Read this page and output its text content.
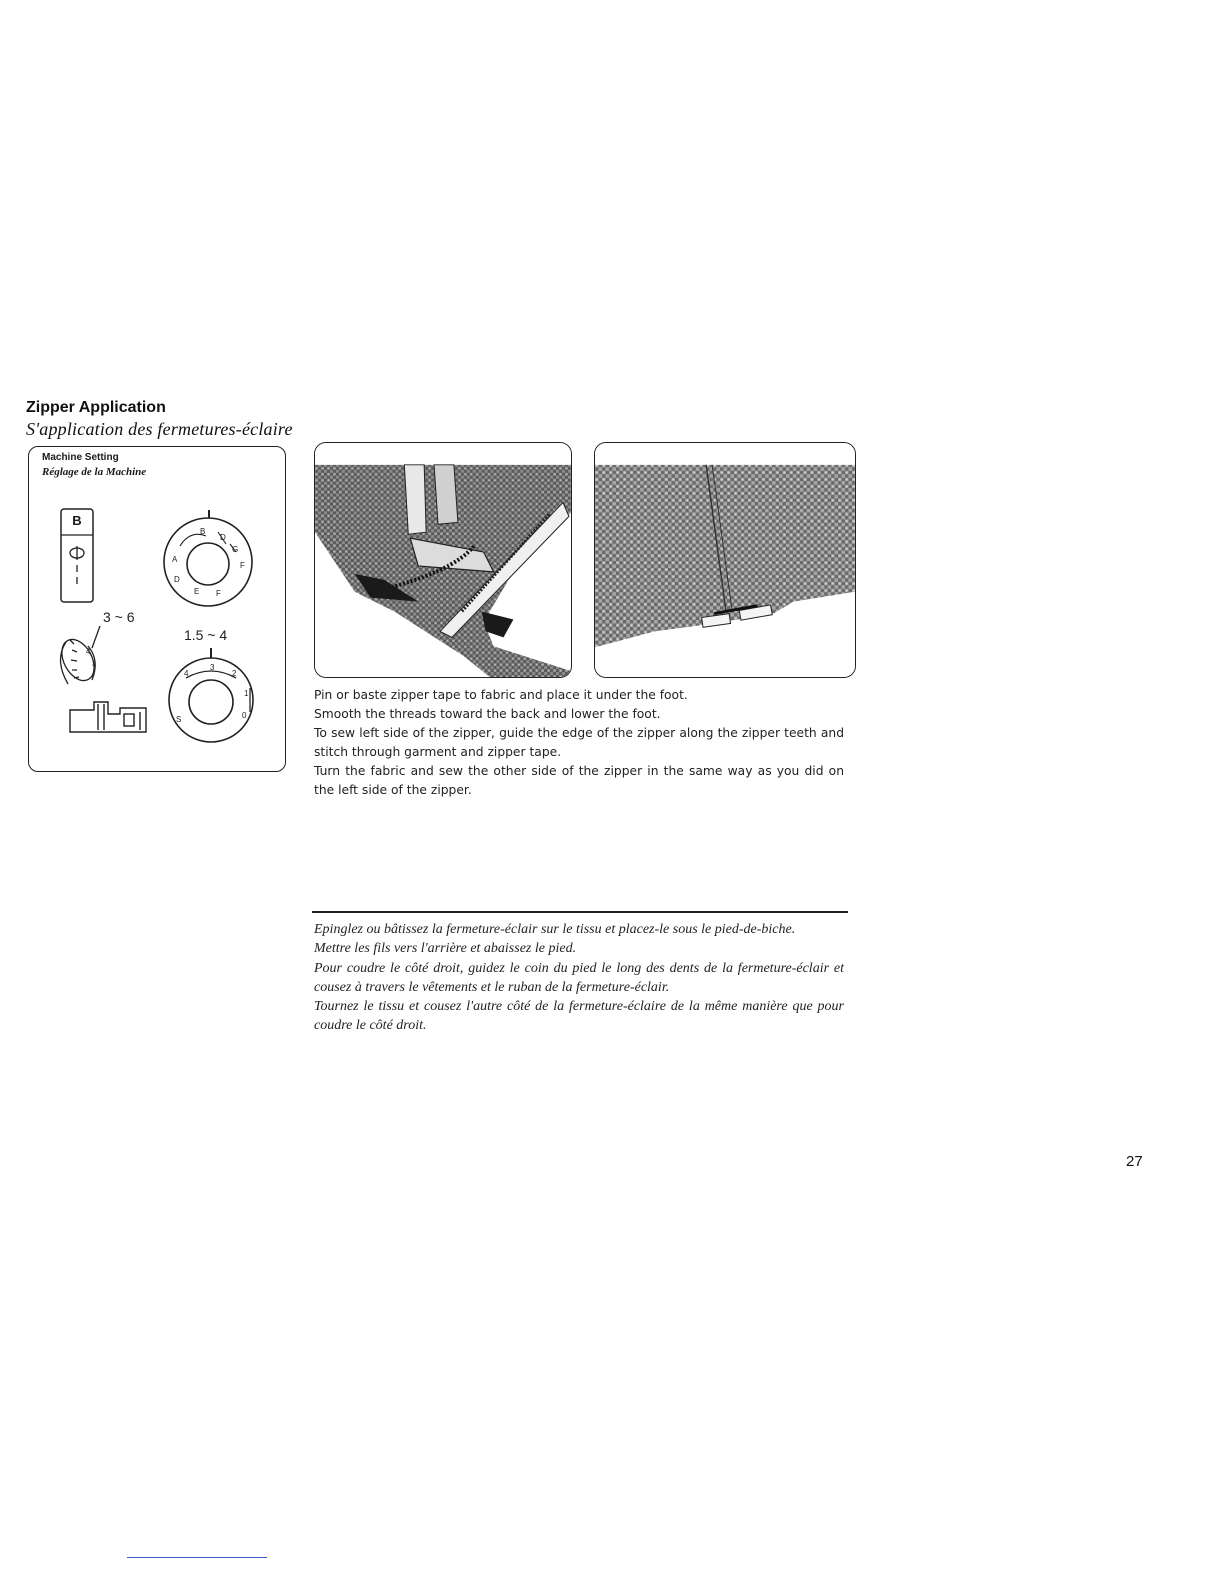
Zipper Application
S'application des fermetures-éclaire
Machine Setting
Réglage de la Machine
B
3 ~ 6
4
3
B
D
G
F
F
E
D
A
1.5 ~ 4
4
3
2
1
0
S

Pin or baste zipper tape to fabric and place it under the foot.

Smooth the threads toward the back and lower the foot.

To sew left side of the zipper, guide the edge of the zipper along the zipper teeth and stitch through garment and zipper tape.

Turn the fabric and sew the other side of the zipper in the same way as you did on the left side of the zipper.

Epinglez ou bâtissez la fermeture-éclair sur le tissu et placez-le sous le pied-de-biche.

Mettre les fils vers l'arrière et abaissez le pied.

Pour coudre le côté droit, guidez le coin du pied le long des dents de la fermeture-éclair et cousez à travers le vêtements et le ruban de la fermeture-éclair.

Tournez le tissu et cousez l'autre côté de la fermeture-éclaire de la même manière que pour coudre le côté droit.

27
